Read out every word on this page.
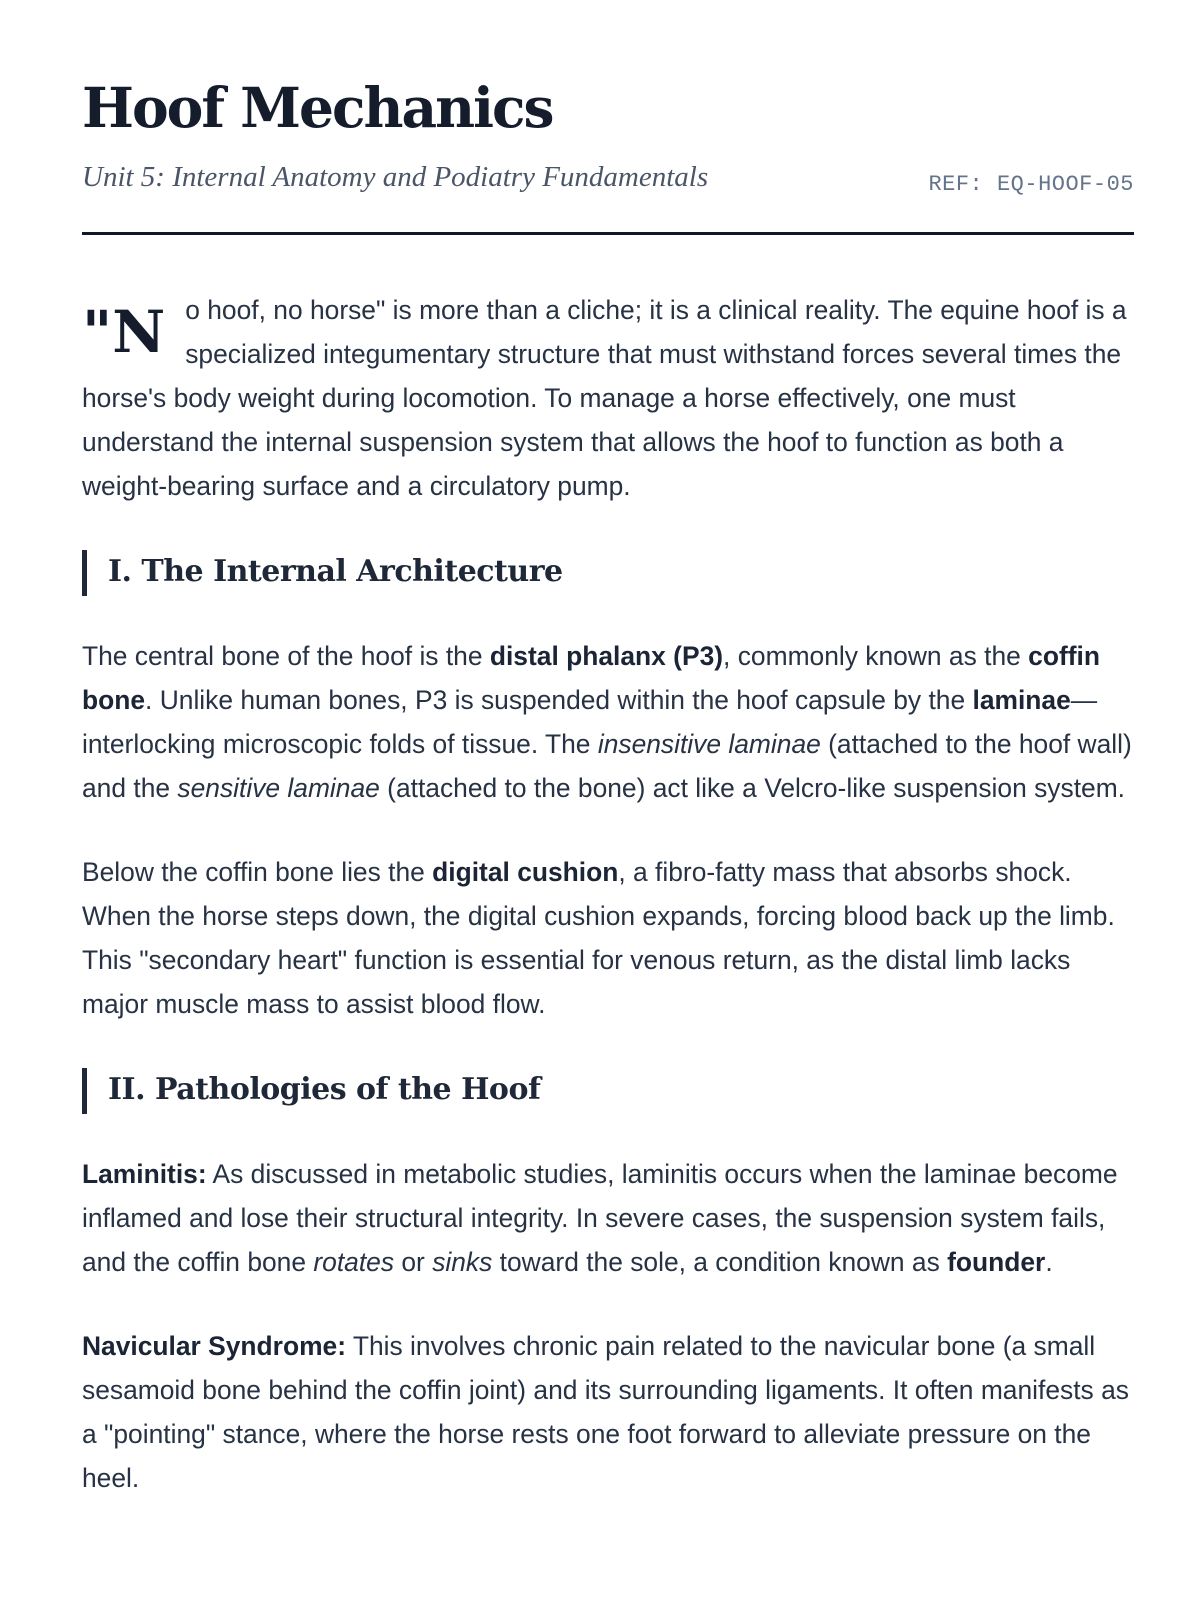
Hoof Mechanics

Unit 5: Internal Anatomy and Podiatry Fundamentals	REF: EQ-HOOF-05

"No hoof, no horse" is more than a cliche; it is a clinical reality. The equine hoof is a specialized integumentary structure that must withstand forces several times the horse's body weight during locomotion. To manage a horse effectively, one must understand the internal suspension system that allows the hoof to function as both a weight-bearing surface and a circulatory pump.

I. The Internal Architecture

The central bone of the hoof is the distal phalanx (P3), commonly known as the coffin bone. Unlike human bones, P3 is suspended within the hoof capsule by the laminae—interlocking microscopic folds of tissue. The insensitive laminae (attached to the hoof wall) and the sensitive laminae (attached to the bone) act like a Velcro-like suspension system.

Below the coffin bone lies the digital cushion, a fibro-fatty mass that absorbs shock. When the horse steps down, the digital cushion expands, forcing blood back up the limb. This "secondary heart" function is essential for venous return, as the distal limb lacks major muscle mass to assist blood flow.

II. Pathologies of the Hoof

Laminitis: As discussed in metabolic studies, laminitis occurs when the laminae become inflamed and lose their structural integrity. In severe cases, the suspension system fails, and the coffin bone rotates or sinks toward the sole, a condition known as founder.

Navicular Syndrome: This involves chronic pain related to the navicular bone (a small sesamoid bone behind the coffin joint) and its surrounding ligaments. It often manifests as a "pointing" stance, where the horse rests one foot forward to alleviate pressure on the heel.
